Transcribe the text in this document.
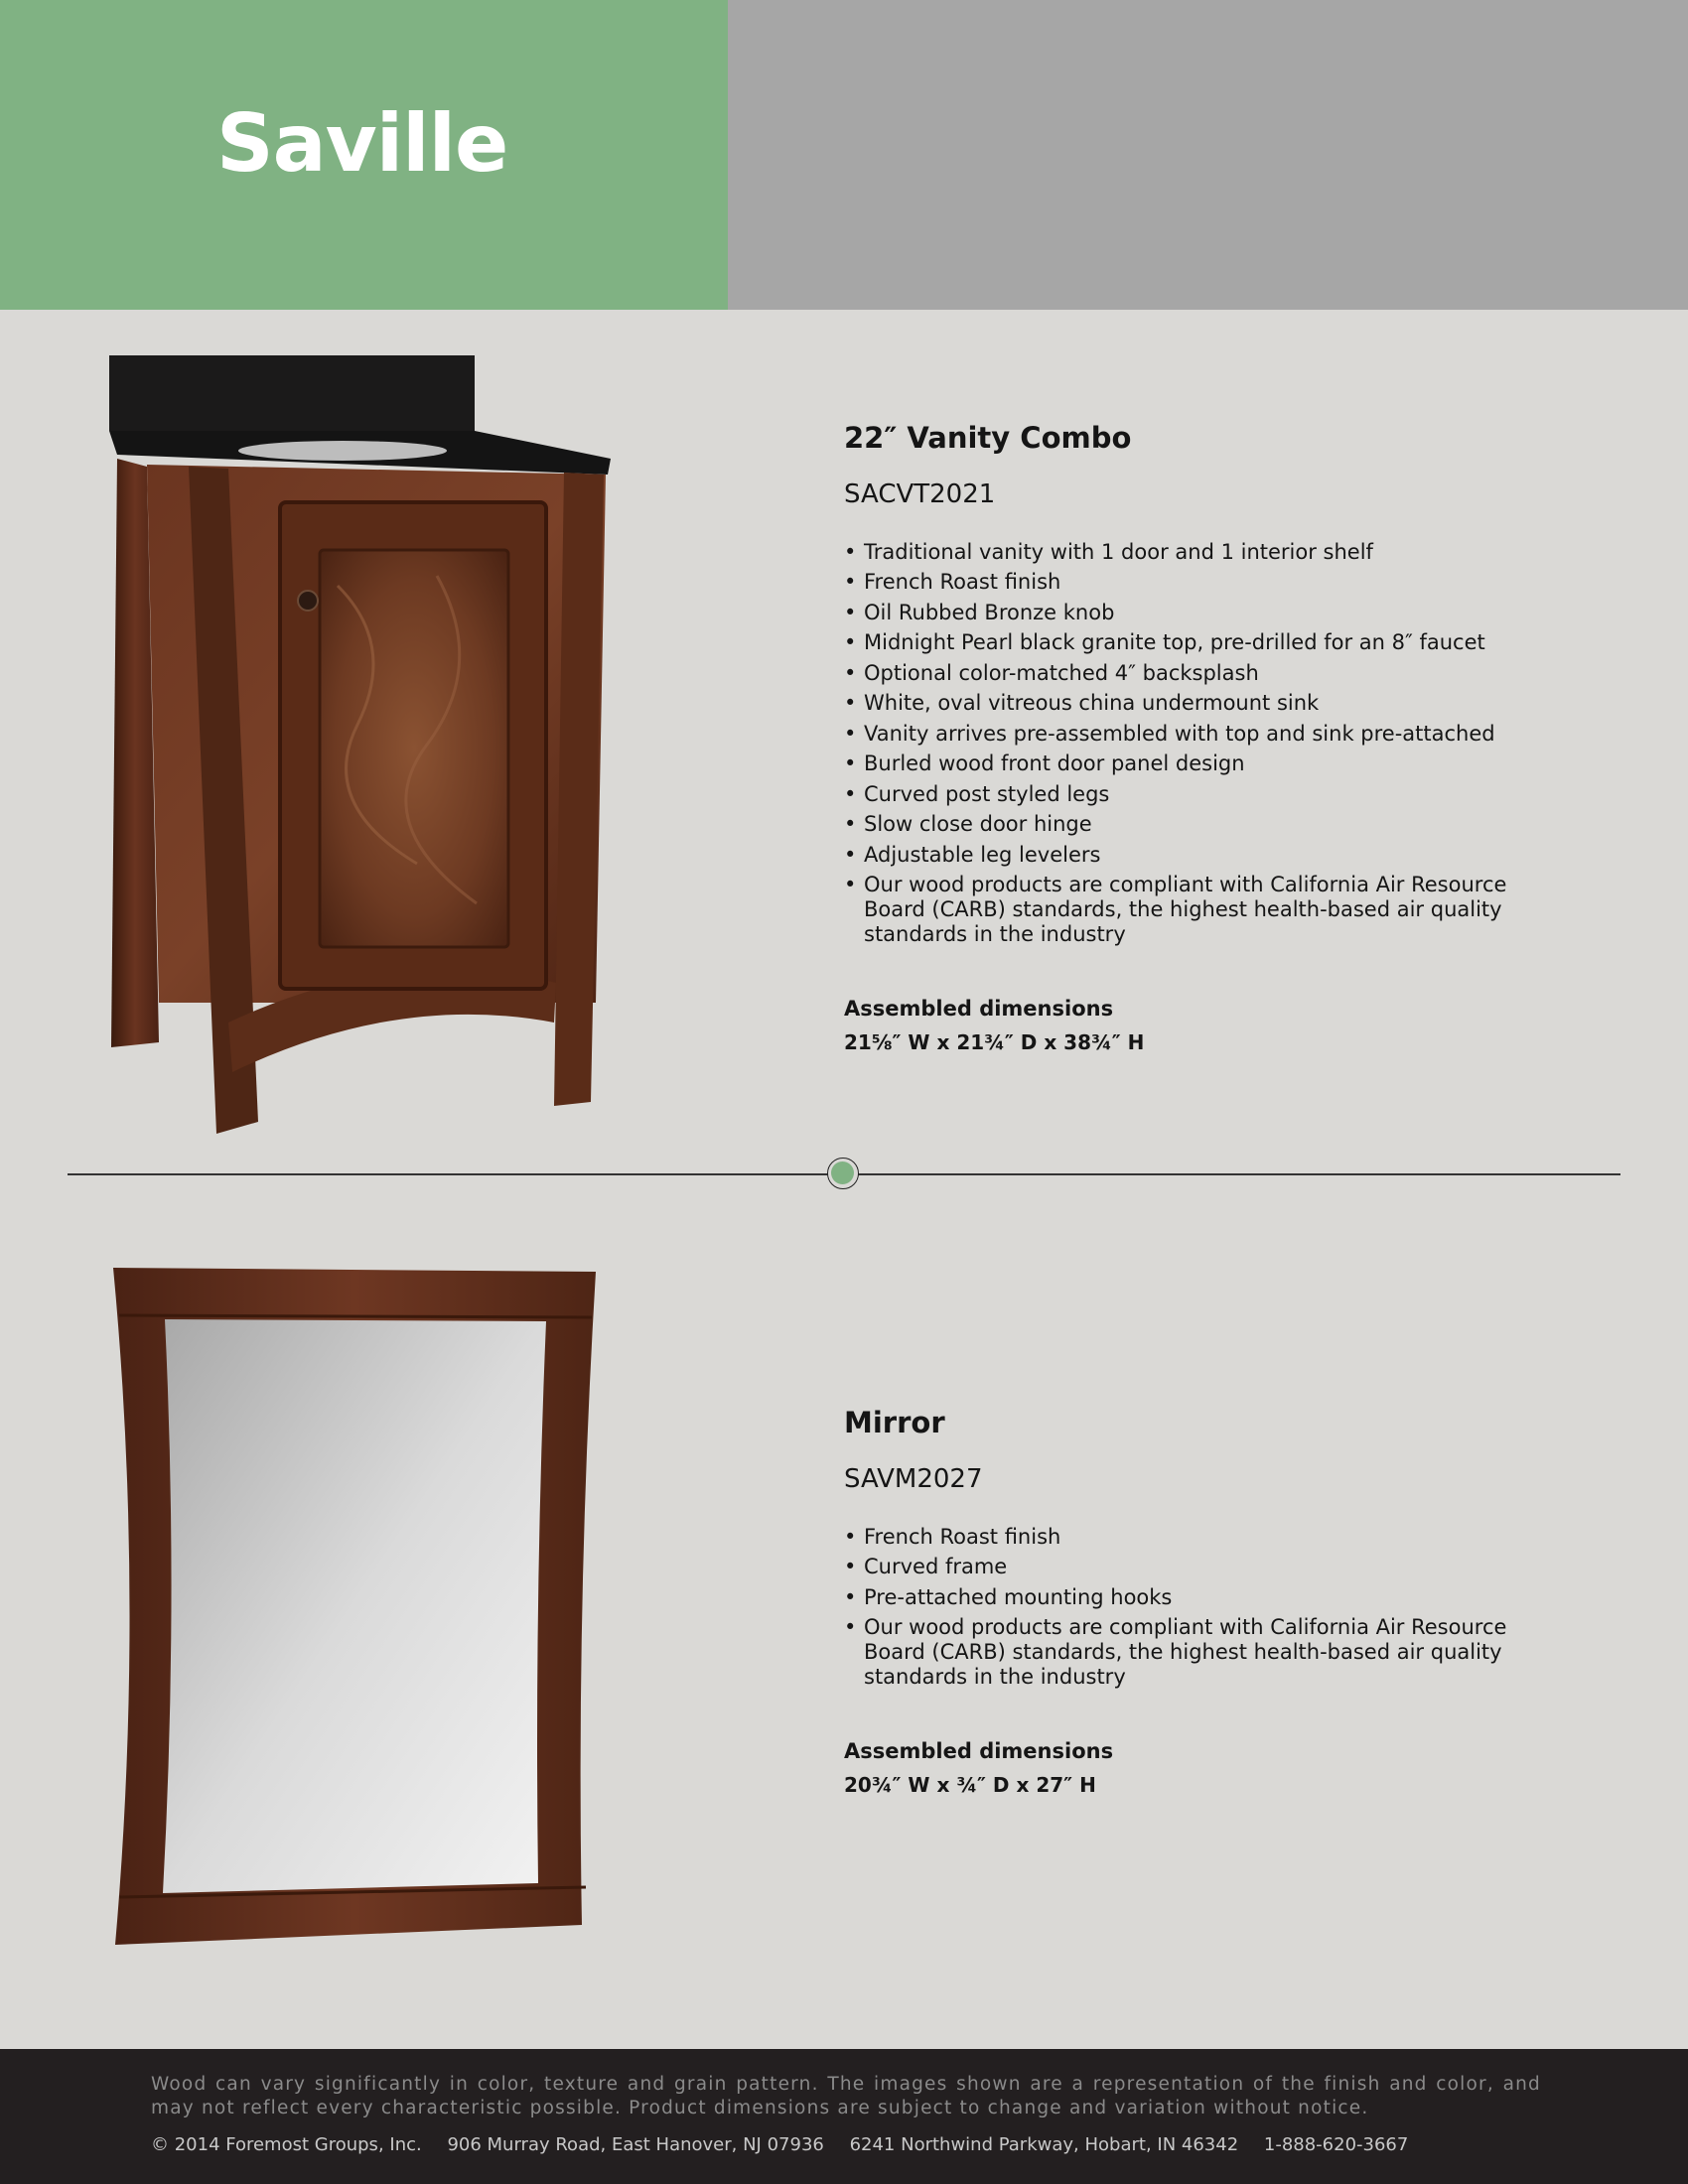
Saville
22″ Vanity Combo

SACVT2021

• Traditional vanity with 1 door and 1 interior shelf
• French Roast finish
• Oil Rubbed Bronze knob
• Midnight Pearl black granite top, pre-drilled for an 8″ faucet
• Optional color-matched 4″ backsplash
• White, oval vitreous china undermount sink
• Vanity arrives pre-assembled with top and sink pre-attached
• Burled wood front door panel design
• Curved post styled legs
• Slow close door hinge
• Adjustable leg levelers
• Our wood products are compliant with California Air Resource Board (CARB) standards, the highest health-based air quality standards in the industry

Assembled dimensions

21⅝″ W x 21¾″ D x 38¾″ H

Mirror

SAVM2027

• French Roast finish
• Curved frame
• Pre-attached mounting hooks
• Our wood products are compliant with California Air Resource Board (CARB) standards, the highest health-based air quality standards in the industry

Assembled dimensions

20¾″ W x ¾″ D x 27″ H

Wood can vary significantly in color, texture and grain pattern. The images shown are a representation of the finish and color, and may not reflect every characteristic possible. Product dimensions are subject to change and variation without notice.

© 2014 Foremost Groups, Inc. 906 Murray Road, East Hanover, NJ 07936 6241 Northwind Parkway, Hobart, IN 46342 1-888-620-3667
